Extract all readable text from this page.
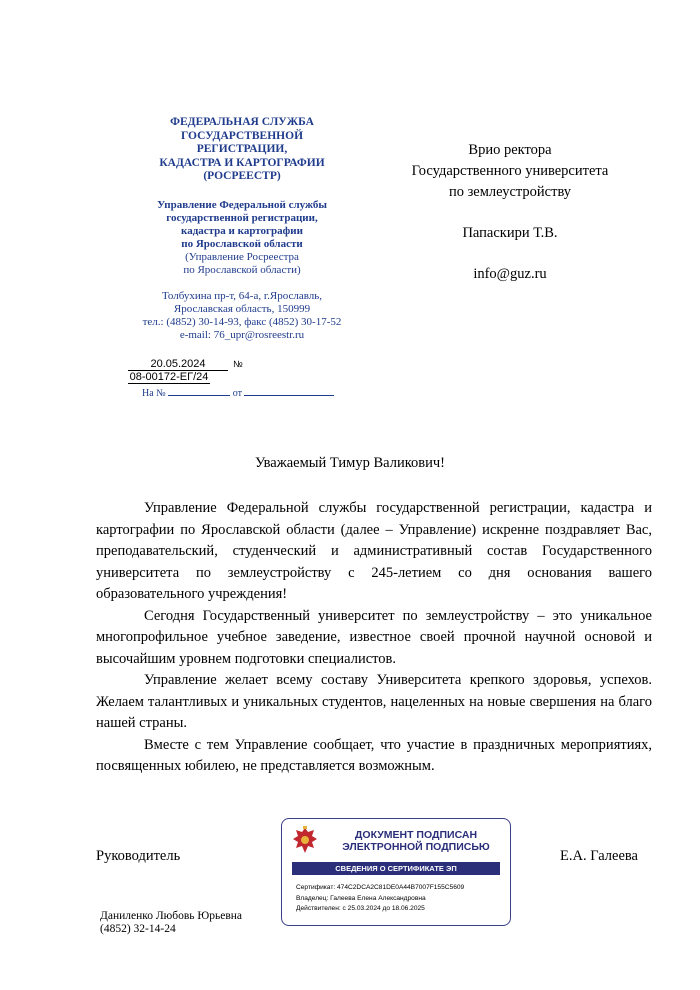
ФЕДЕРАЛЬНАЯ СЛУЖБА
ГОСУДАРСТВЕННОЙ
РЕГИСТРАЦИИ,
КАДАСТРА И КАРТОГРАФИИ
(РОСРЕЕСТР)
Управление Федеральной службы
государственной регистрации,
кадастра и картографии
по Ярославской области
(Управление Росреестра
по Ярославской области)
Толбухина пр-т, 64-а, г.Ярославль,
Ярославская область, 150999
тел.: (4852) 30-14-93, факс (4852) 30-17-52
e-mail: 76_upr@rosreestr.ru
20.05.2024	№ 08-00172-ЕГ/24
На №	от
Врио ректора
Государственного университета
по землеустройству
Папаскири Т.В.
info@guz.ru
Уважаемый Тимур Валикович!

Управление Федеральной службы государственной регистрации, кадастра и картографии по Ярославской области (далее – Управление) искренне поздравляет Вас, преподавательский, студенческий и административный состав Государственного университета по землеустройству с 245-летием со дня основания вашего образовательного учреждения!

Сегодня Государственный университет по землеустройству – это уникальное многопрофильное учебное заведение, известное своей прочной научной основой и высочайшим уровнем подготовки специалистов.

Управление желает всему составу Университета крепкого здоровья, успехов. Желаем талантливых и уникальных студентов, нацеленных на новые свершения на благо нашей страны.

Вместе с тем Управление сообщает, что участие в праздничных мероприятиях, посвященных юбилею, не представляется возможным.

Руководитель	Е.А. Галеева
ДОКУМЕНТ ПОДПИСАН
ЭЛЕКТРОННОЙ ПОДПИСЬЮ
СВЕДЕНИЯ О СЕРТИФИКАТЕ ЭП
Сертификат: 474C2DCA2C81DE0A44B7007F155C5609
Владелец: Галеева Елена Александровна
Действителен: с 25.03.2024 до 18.06.2025
Даниленко Любовь Юрьевна
(4852) 32-14-24
